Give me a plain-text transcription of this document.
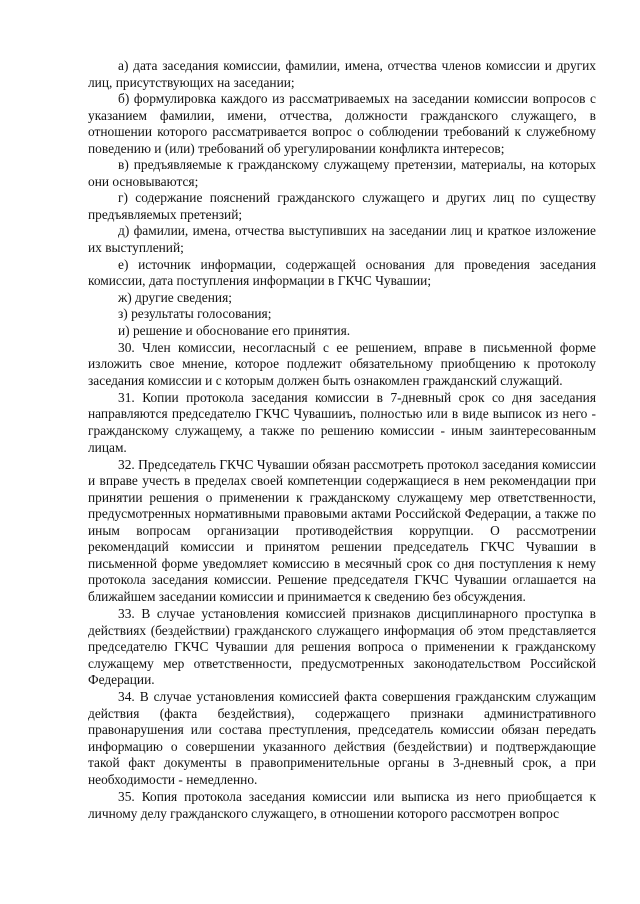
а) дата заседания комиссии, фамилии, имена, отчества членов комиссии и других лиц, присутствующих на заседании;

б) формулировка каждого из рассматриваемых на заседании комиссии вопросов с указанием фамилии, имени, отчества, должности гражданского служащего, в отношении которого рассматривается вопрос о соблюдении требований к служебному поведению и (или) требований об урегулировании конфликта интересов;

в) предъявляемые к гражданскому служащему претензии, материалы, на которых они основываются;

г) содержание пояснений гражданского служащего и других лиц по существу предъявляемых претензий;

д) фамилии, имена, отчества выступивших на заседании лиц и краткое изложение их выступлений;

е) источник информации, содержащей основания для проведения заседания комиссии, дата поступления информации в ГКЧС Чувашии;

ж) другие сведения;

з) результаты голосования;

и) решение и обоснование его принятия.

30. Член комиссии, несогласный с ее решением, вправе в письменной форме изложить свое мнение, которое подлежит обязательному приобщению к протоколу заседания комиссии и с которым должен быть ознакомлен гражданский служащий.

31. Копии протокола заседания комиссии в 7-дневный срок со дня заседания направляются председателю ГКЧС Чувашииъ, полностью или в виде выписок из него - гражданскому служащему, а также по решению комиссии - иным заинтересованным лицам.

32. Председатель ГКЧС Чувашии обязан рассмотреть протокол заседания комиссии и вправе учесть в пределах своей компетенции содержащиеся в нем рекомендации при принятии решения о применении к гражданскому служащему мер ответственности, предусмотренных нормативными правовыми актами Российской Федерации, а также по иным вопросам организации противодействия коррупции. О рассмотрении рекомендаций комиссии и принятом решении председатель ГКЧС Чувашии в письменной форме уведомляет комиссию в месячный срок со дня поступления к нему протокола заседания комиссии. Решение председателя ГКЧС Чувашии оглашается на ближайшем заседании комиссии и принимается к сведению без обсуждения.

33. В случае установления комиссией признаков дисциплинарного проступка в действиях (бездействии) гражданского служащего информация об этом представляется председателю ГКЧС Чувашии для решения вопроса о применении к гражданскому служащему мер ответственности, предусмотренных законодательством Российской Федерации.

34. В случае установления комиссией факта совершения гражданским служащим действия (факта бездействия), содержащего признаки административного правонарушения или состава преступления, председатель комиссии обязан передать информацию о совершении указанного действия (бездействии) и подтверждающие такой факт документы в правоприменительные органы в 3-дневный срок, а при необходимости - немедленно.

35. Копия протокола заседания комиссии или выписка из него приобщается к личному делу гражданского служащего, в отношении которого рассмотрен вопрос
